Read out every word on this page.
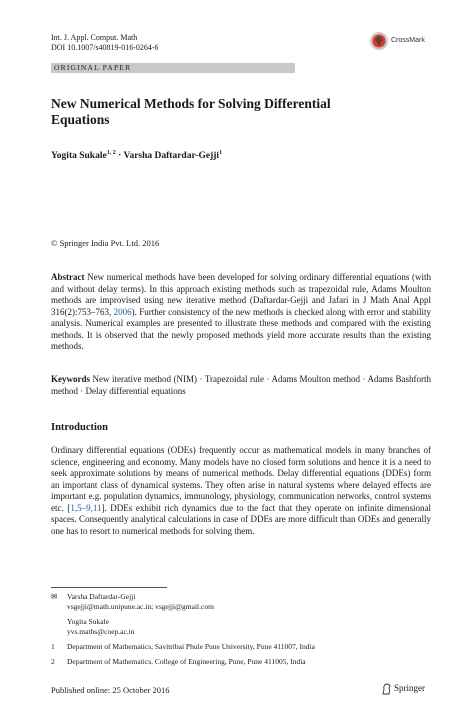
Int. J. Appl. Comput. Math
DOI 10.1007/s40819-016-0264-6
CrossMark
ORIGINAL PAPER
New Numerical Methods for Solving Differential Equations
Yogita Sukale$^{1, 2}$ · Varsha Daftardar-Gejji$^1$
© Springer India Pvt. Ltd. 2016
Abstract New numerical methods have been developed for solving ordinary differential equations (with and without delay terms). In this approach existing methods such as trapezoidal rule, Adams Moulton methods are improvised using new iterative method (Daftardar-Gejji and Jafari in J Math Anal Appl 316(2):753–763, 2006). Further consistency of the new methods is checked along with error and stability analysis. Numerical examples are presented to illustrate these methods and compared with the existing methods. It is observed that the newly proposed methods yield more accurate results than the existing methods.
Keywords New iterative method (NIM) · Trapezoidal rule · Adams Moulton method · Adams Bashforth method · Delay differential equations
Introduction
Ordinary differential equations (ODEs) frequently occur as mathematical models in many branches of science, engineering and economy. Many models have no closed form solutions and hence it is a need to seek approximate solutions by means of numerical methods. Delay differential equations (DDEs) form an important class of dynamical systems. They often arise in natural systems where delayed effects are important e.g. population dynamics, immunology, physiology, communication networks, control systems etc. [1,5–9,11]. DDEs exhibit rich dynamics due to the fact that they operate on infinite dimensional spaces. Consequently analytical calculations in case of DDEs are more difficult than ODEs and generally one has to resort to numerical methods for solving them.
✉ Varsha Daftardar-Gejji
vsgejji@math.unipune.ac.in; vsgejji@gmail.com
Yogita Sukale
yvs.maths@coep.ac.in
1 Department of Mathematics, Savitribai Phule Pune University, Pune 411007, India
2 Department of Mathematics, College of Engineering, Pune, Pune 411005, India
Published online: 25 October 2016	Springer
